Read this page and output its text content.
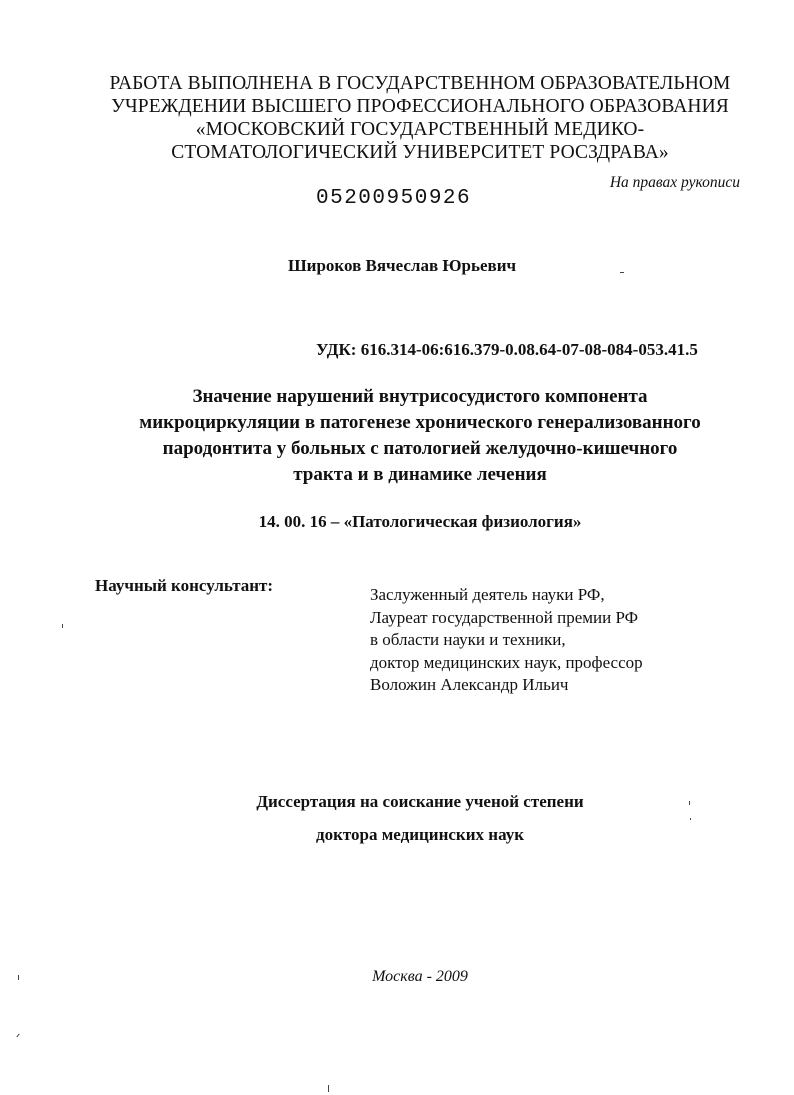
РАБОТА ВЫПОЛНЕНА В ГОСУДАРСТВЕННОМ ОБРАЗОВАТЕЛЬНОМ
УЧРЕЖДЕНИИ ВЫСШЕГО ПРОФЕССИОНАЛЬНОГО ОБРАЗОВАНИЯ
«МОСКОВСКИЙ ГОСУДАРСТВЕННЫЙ МЕДИКО-
СТОМАТОЛОГИЧЕСКИЙ УНИВЕРСИТЕТ РОСЗДРАВА»
На правах рукописи
05200950926
Широков Вячеслав Юрьевич
УДК: 616.314-06:616.379-0.08.64-07-08-084-053.41.5
Значение нарушений внутрисосудистого компонента
микроциркуляции в патогенезе хронического генерализованного
пародонтита у больных с патологией желудочно-кишечного
тракта и в динамике лечения
14. 00. 16 – «Патологическая физиология»
Научный консультант:	Заслуженный деятель науки РФ,
Лауреат государственной премии РФ
в области науки и техники,
доктор медицинских наук, профессор
Воложин Александр Ильич
Диссертация на соискание ученой степени
доктора медицинских наук
Москва - 2009
